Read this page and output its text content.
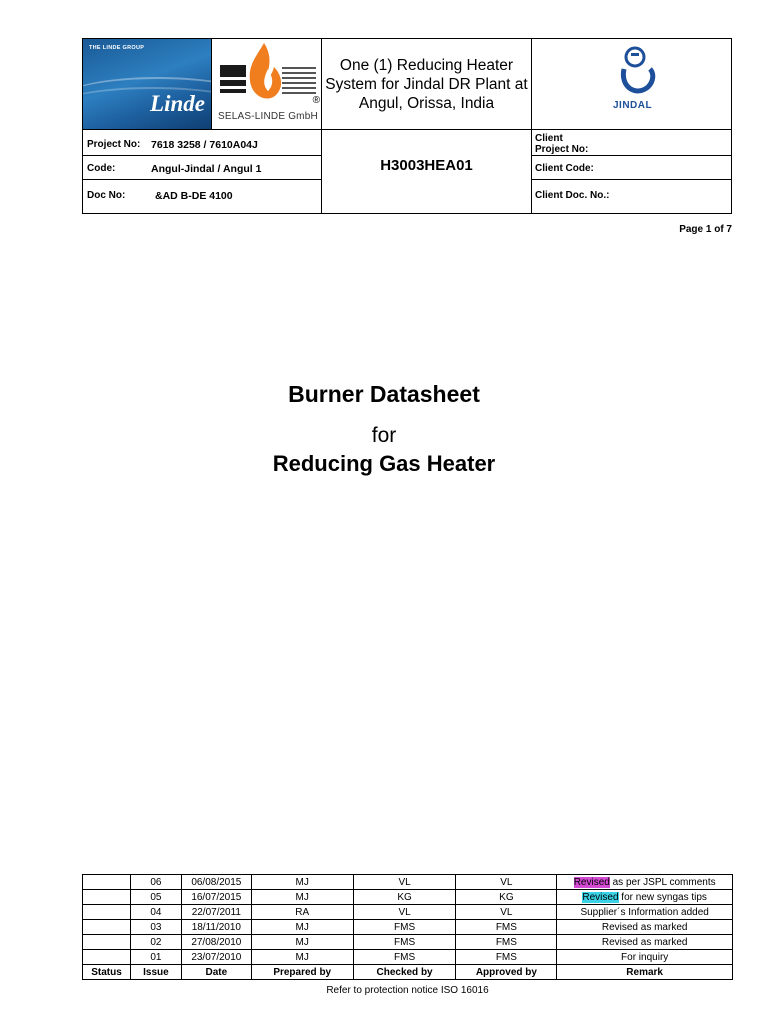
THE LINDE GROUP
Linde	®
SELAS-LINDE GmbH
One (1) Reducing Heater System for Jindal DR Plant at Angul, Orissa, India	JINDAL
Project No: 7618 3258 / 7610A04J
Code:	Angul-Jindal / Angul 1
Doc No:	&AD B-DE 4100
H3003HEA01
Client
Project No:
Client Code:
Client Doc. No.:
Page 1 of 7
Burner Datasheet
for
Reducing Gas Heater
	06	06/08/2015	MJ	VL	VL	Revised as per JSPL comments
	05	16/07/2015	MJ	KG	KG	Revised for new syngas tips
	04	22/07/2011	RA	VL	VL	Supplier´s Information added
	03	18/11/2010	MJ	FMS	FMS	Revised as marked
	02	27/08/2010	MJ	FMS	FMS	Revised as marked
	01	23/07/2010	MJ	FMS	FMS	For inquiry
Status	Issue	Date	Prepared by	Checked by	Approved by	Remark
Refer to protection notice ISO 16016
